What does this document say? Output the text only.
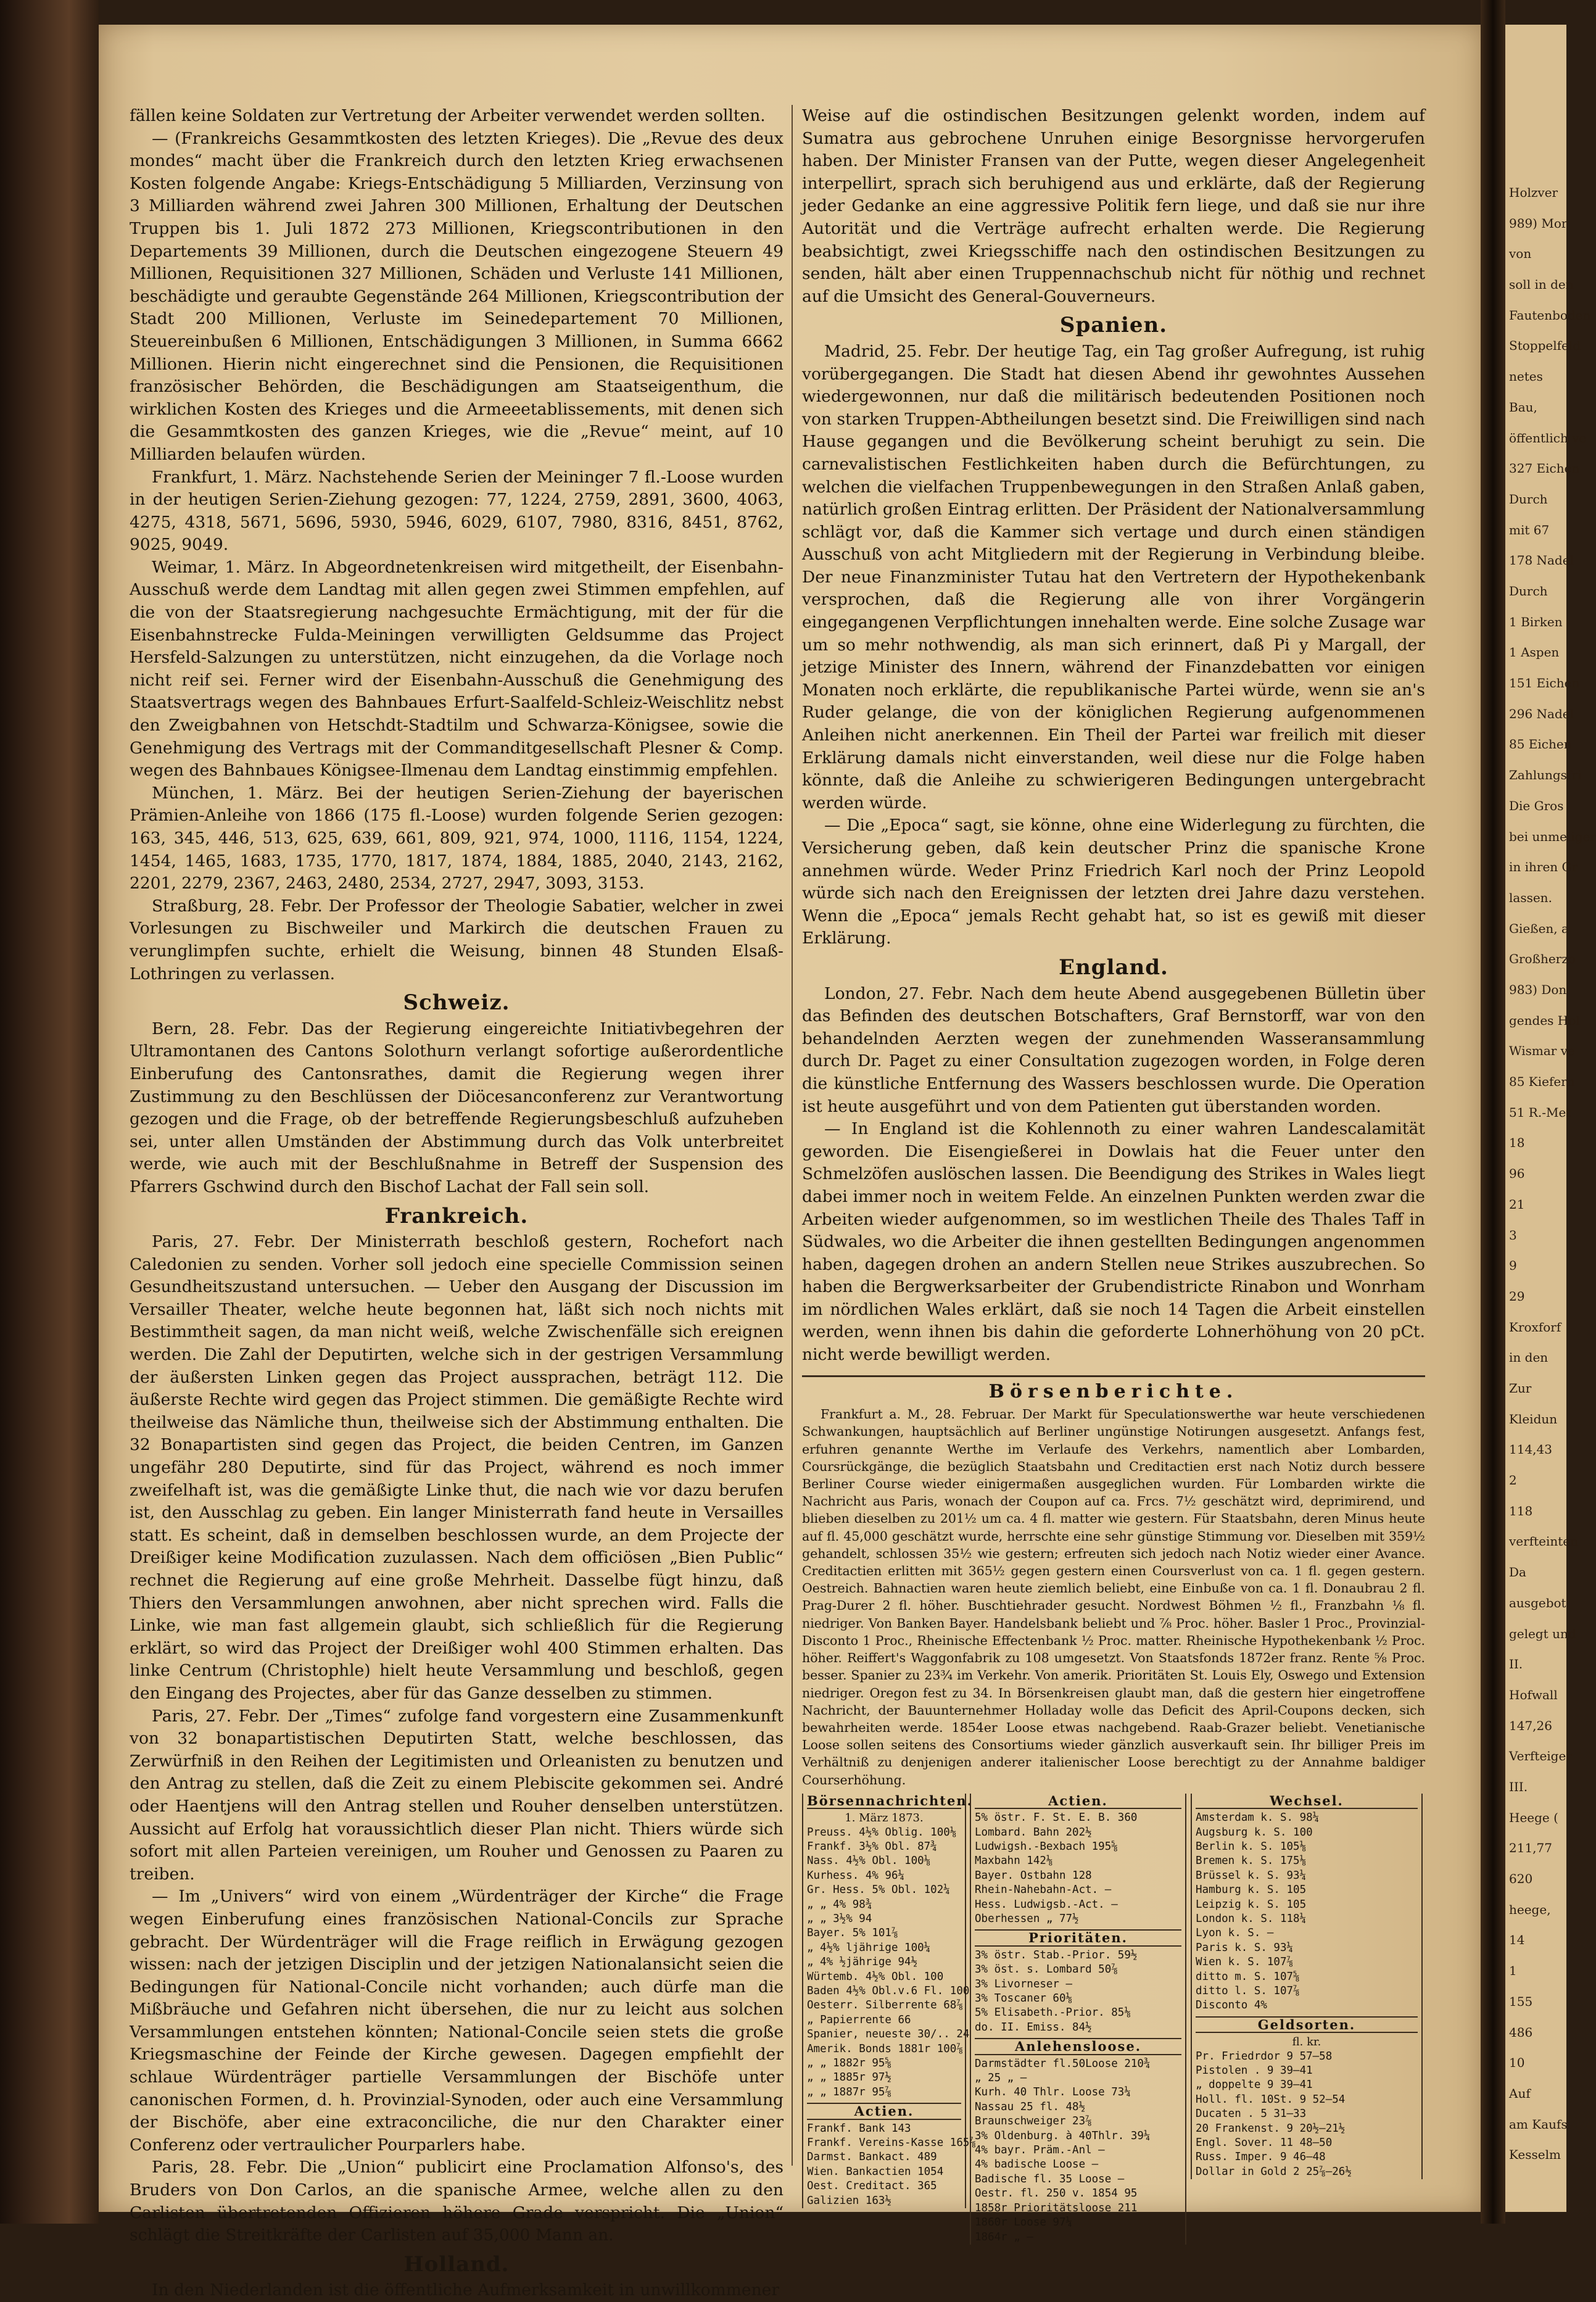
Holzver
989) Mor
von
soll in den
Fautenboden
Stoppelfeld
netes
Bau,
öffentlich ve
327 Eichen
Durch
mit 67
178 Nadel
Durch
1 Birken
1 Aspen
151 Eichen
296 Nadel
85 Eichen
Zahlungsfri
Die Gros
bei unmeliger
in ihren Gr
lassen.
Gießen, a
Großherzo
983) Don
gendes Hol
Wismar ve
85 Kiefern
51 R.-Met
18
96
21
3
9
29
Kroxforf
in den
Zur
Kleidun
114,43
2
118
verfteinten
Da
ausgebot
gelegt und
II.
Hofwall
147,26
Verfteiger
III.
Heege (
211,77
620
heege,
14
1
155
486
10
Auf
am Kaufs
Kesselm

fällen keine Soldaten zur Vertretung der Arbeiter verwendet werden sollten.

— (Frankreichs Gesammtkosten des letzten Krieges). Die „Revue des deux mondes“ macht über die Frankreich durch den letzten Krieg erwachsenen Kosten folgende Angabe: Kriegs-Entschädigung 5 Milliarden, Verzinsung von 3 Milliarden während zwei Jahren 300 Millionen, Erhaltung der Deutschen Truppen bis 1. Juli 1872 273 Millionen, Kriegscontributionen in den Departements 39 Millionen, durch die Deutschen eingezogene Steuern 49 Millionen, Requisitionen 327 Millionen, Schäden und Verluste 141 Millionen, beschädigte und geraubte Gegenstände 264 Millionen, Kriegscontribution der Stadt 200 Millionen, Verluste im Seinedepartement 70 Millionen, Steuereinbußen 6 Millionen, Entschädigungen 3 Millionen, in Summa 6662 Millionen. Hierin nicht eingerechnet sind die Pensionen, die Requisitionen französischer Behörden, die Beschädigungen am Staatseigenthum, die wirklichen Kosten des Krieges und die Armeeetablissements, mit denen sich die Gesammtkosten des ganzen Krieges, wie die „Revue“ meint, auf 10 Milliarden belaufen würden.

Frankfurt, 1. März. Nachstehende Serien der Meininger 7 fl.-Loose wurden in der heutigen Serien-Ziehung gezogen: 77, 1224, 2759, 2891, 3600, 4063, 4275, 4318, 5671, 5696, 5930, 5946, 6029, 6107, 7980, 8316, 8451, 8762, 9025, 9049.

Weimar, 1. März. In Abgeordnetenkreisen wird mitgetheilt, der Eisenbahn-Ausschuß werde dem Landtag mit allen gegen zwei Stimmen empfehlen, auf die von der Staatsregierung nachgesuchte Ermächtigung, mit der für die Eisenbahnstrecke Fulda-Meiningen verwilligten Geldsumme das Project Hersfeld-Salzungen zu unterstützen, nicht einzugehen, da die Vorlage noch nicht reif sei. Ferner wird der Eisenbahn-Ausschuß die Genehmigung des Staatsvertrags wegen des Bahnbaues Erfurt-Saalfeld-Schleiz-Weischlitz nebst den Zweigbahnen von Hetschdt-Stadtilm und Schwarza-Königsee, sowie die Genehmigung des Vertrags mit der Commanditgesellschaft Plesner & Comp. wegen des Bahnbaues Königsee-Ilmenau dem Landtag einstimmig empfehlen.

München, 1. März. Bei der heutigen Serien-Ziehung der bayerischen Prämien-Anleihe von 1866 (175 fl.-Loose) wurden folgende Serien gezogen: 163, 345, 446, 513, 625, 639, 661, 809, 921, 974, 1000, 1116, 1154, 1224, 1454, 1465, 1683, 1735, 1770, 1817, 1874, 1884, 1885, 2040, 2143, 2162, 2201, 2279, 2367, 2463, 2480, 2534, 2727, 2947, 3093, 3153.

Straßburg, 28. Febr. Der Professor der Theologie Sabatier, welcher in zwei Vorlesungen zu Bischweiler und Markirch die deutschen Frauen zu verunglimpfen suchte, erhielt die Weisung, binnen 48 Stunden Elsaß-Lothringen zu verlassen.

Schweiz.

Bern, 28. Febr. Das der Regierung eingereichte Initiativbegehren der Ultramontanen des Cantons Solothurn verlangt sofortige außerordentliche Einberufung des Cantonsrathes, damit die Regierung wegen ihrer Zustimmung zu den Beschlüssen der Diöcesanconferenz zur Verantwortung gezogen und die Frage, ob der betreffende Regierungsbeschluß aufzuheben sei, unter allen Umständen der Abstimmung durch das Volk unterbreitet werde, wie auch mit der Beschlußnahme in Betreff der Suspension des Pfarrers Gschwind durch den Bischof Lachat der Fall sein soll.

Frankreich.

Paris, 27. Febr. Der Ministerrath beschloß gestern, Rochefort nach Caledonien zu senden. Vorher soll jedoch eine specielle Commission seinen Gesundheitszustand untersuchen. — Ueber den Ausgang der Discussion im Versailler Theater, welche heute begonnen hat, läßt sich noch nichts mit Bestimmtheit sagen, da man nicht weiß, welche Zwischenfälle sich ereignen werden. Die Zahl der Deputirten, welche sich in der gestrigen Versammlung der äußersten Linken gegen das Project aussprachen, beträgt 112. Die äußerste Rechte wird gegen das Project stimmen. Die gemäßigte Rechte wird theilweise das Nämliche thun, theilweise sich der Abstimmung enthalten. Die 32 Bonapartisten sind gegen das Project, die beiden Centren, im Ganzen ungefähr 280 Deputirte, sind für das Project, während es noch immer zweifelhaft ist, was die gemäßigte Linke thut, die nach wie vor dazu berufen ist, den Ausschlag zu geben. Ein langer Ministerrath fand heute in Versailles statt. Es scheint, daß in demselben beschlossen wurde, an dem Projecte der Dreißiger keine Modification zuzulassen. Nach dem officiösen „Bien Public“ rechnet die Regierung auf eine große Mehrheit. Dasselbe fügt hinzu, daß Thiers den Versammlungen anwohnen, aber nicht sprechen wird. Falls die Linke, wie man fast allgemein glaubt, sich schließlich für die Regierung erklärt, so wird das Project der Dreißiger wohl 400 Stimmen erhalten. Das linke Centrum (Christophle) hielt heute Versammlung und beschloß, gegen den Eingang des Projectes, aber für das Ganze desselben zu stimmen.

Paris, 27. Febr. Der „Times“ zufolge fand vorgestern eine Zusammenkunft von 32 bonapartistischen Deputirten Statt, welche beschlossen, das Zerwürfniß in den Reihen der Legitimisten und Orleanisten zu benutzen und den Antrag zu stellen, daß die Zeit zu einem Plebiscite gekommen sei. André oder Haentjens will den Antrag stellen und Rouher denselben unterstützen. Aussicht auf Erfolg hat voraussichtlich dieser Plan nicht. Thiers würde sich sofort mit allen Parteien vereinigen, um Rouher und Genossen zu Paaren zu treiben.

— Im „Univers“ wird von einem „Würdenträger der Kirche“ die Frage wegen Einberufung eines französischen National-Concils zur Sprache gebracht. Der Würdenträger will die Frage reiflich in Erwägung gezogen wissen: nach der jetzigen Disciplin und der jetzigen Nationalansicht seien die Bedingungen für National-Concile nicht vorhanden; auch dürfe man die Mißbräuche und Gefahren nicht übersehen, die nur zu leicht aus solchen Versammlungen entstehen könnten; National-Concile seien stets die große Kriegsmaschine der Feinde der Kirche gewesen. Dagegen empfiehlt der schlaue Würdenträger partielle Versammlungen der Bischöfe unter canonischen Formen, d. h. Provinzial-Synoden, oder auch eine Versammlung der Bischöfe, aber eine extraconciliche, die nur den Charakter einer Conferenz oder vertraulicher Pourparlers habe.

Paris, 28. Febr. Die „Union“ publicirt eine Proclamation Alfonso's, des Bruders von Don Carlos, an die spanische Armee, welche allen zu den Carlisten übertretenden Offizieren höhere Grade verspricht. Die „Union“ schlägt die Streitkräfte der Carlisten auf 35,000 Mann an.

Holland.

In den Niederlanden ist die öffentliche Aufmerksamkeit in unwillkommener

Weise auf die ostindischen Besitzungen gelenkt worden, indem auf Sumatra aus gebrochene Unruhen einige Besorgnisse hervorgerufen haben. Der Minister Fransen van der Putte, wegen dieser Angelegenheit interpellirt, sprach sich beruhigend aus und erklärte, daß der Regierung jeder Gedanke an eine aggressive Politik fern liege, und daß sie nur ihre Autorität und die Verträge aufrecht erhalten werde. Die Regierung beabsichtigt, zwei Kriegsschiffe nach den ostindischen Besitzungen zu senden, hält aber einen Truppennachschub nicht für nöthig und rechnet auf die Umsicht des General-Gouverneurs.

Spanien.

Madrid, 25. Febr. Der heutige Tag, ein Tag großer Aufregung, ist ruhig vorübergegangen. Die Stadt hat diesen Abend ihr gewohntes Aussehen wiedergewonnen, nur daß die militärisch bedeutenden Positionen noch von starken Truppen-Abtheilungen besetzt sind. Die Freiwilligen sind nach Hause gegangen und die Bevölkerung scheint beruhigt zu sein. Die carnevalistischen Festlichkeiten haben durch die Befürchtungen, zu welchen die vielfachen Truppenbewegungen in den Straßen Anlaß gaben, natürlich großen Eintrag erlitten. Der Präsident der Nationalversammlung schlägt vor, daß die Kammer sich vertage und durch einen ständigen Ausschuß von acht Mitgliedern mit der Regierung in Verbindung bleibe. Der neue Finanzminister Tutau hat den Vertretern der Hypothekenbank versprochen, daß die Regierung alle von ihrer Vorgängerin eingegangenen Verpflichtungen innehalten werde. Eine solche Zusage war um so mehr nothwendig, als man sich erinnert, daß Pi y Margall, der jetzige Minister des Innern, während der Finanzdebatten vor einigen Monaten noch erklärte, die republikanische Partei würde, wenn sie an's Ruder gelange, die von der königlichen Regierung aufgenommenen Anleihen nicht anerkennen. Ein Theil der Partei war freilich mit dieser Erklärung damals nicht einverstanden, weil diese nur die Folge haben könnte, daß die Anleihe zu schwierigeren Bedingungen untergebracht werden würde.

— Die „Epoca“ sagt, sie könne, ohne eine Widerlegung zu fürchten, die Versicherung geben, daß kein deutscher Prinz die spanische Krone annehmen würde. Weder Prinz Friedrich Karl noch der Prinz Leopold würde sich nach den Ereignissen der letzten drei Jahre dazu verstehen. Wenn die „Epoca“ jemals Recht gehabt hat, so ist es gewiß mit dieser Erklärung.

England.

London, 27. Febr. Nach dem heute Abend ausgegebenen Bülletin über das Befinden des deutschen Botschafters, Graf Bernstorff, war von den behandelnden Aerzten wegen der zunehmenden Wasseransammlung durch Dr. Paget zu einer Consultation zugezogen worden, in Folge deren die künstliche Entfernung des Wassers beschlossen wurde. Die Operation ist heute ausgeführt und von dem Patienten gut überstanden worden.

— In England ist die Kohlennoth zu einer wahren Landescalamität geworden. Die Eisengießerei in Dowlais hat die Feuer unter den Schmelzöfen auslöschen lassen. Die Beendigung des Strikes in Wales liegt dabei immer noch in weitem Felde. An einzelnen Punkten werden zwar die Arbeiten wieder aufgenommen, so im westlichen Theile des Thales Taff in Südwales, wo die Arbeiter die ihnen gestellten Bedingungen angenommen haben, dagegen drohen an andern Stellen neue Strikes auszubrechen. So haben die Bergwerksarbeiter der Grubendistricte Rinabon und Wonrham im nördlichen Wales erklärt, daß sie noch 14 Tagen die Arbeit einstellen werden, wenn ihnen bis dahin die geforderte Lohnerhöhung von 20 pCt. nicht werde bewilligt werden.

Börsenberichte.

Frankfurt a. M., 28. Februar. Der Markt für Speculationswerthe war heute verschiedenen Schwankungen, hauptsächlich auf Berliner ungünstige Notirungen ausgesetzt. Anfangs fest, erfuhren genannte Werthe im Verlaufe des Verkehrs, namentlich aber Lombarden, Coursrückgänge, die bezüglich Staatsbahn und Creditactien erst nach Notiz durch bessere Berliner Course wieder einigermaßen ausgeglichen wurden. Für Lombarden wirkte die Nachricht aus Paris, wonach der Coupon auf ca. Frcs. 7½ geschätzt wird, deprimirend, und blieben dieselben zu 201½ um ca. 4 fl. matter wie gestern. Für Staatsbahn, deren Minus heute auf fl. 45,000 geschätzt wurde, herrschte eine sehr günstige Stimmung vor. Dieselben mit 359½ gehandelt, schlossen 35½ wie gestern; erfreuten sich jedoch nach Notiz wieder einer Avance. Creditactien erlitten mit 365½ gegen gestern einen Coursverlust von ca. 1 fl. gegen gestern. Oestreich. Bahnactien waren heute ziemlich beliebt, eine Einbuße von ca. 1 fl. Donaubrau 2 fl. Prag-Durer 2 fl. höher. Buschtiehrader gesucht. Nordwest Böhmen ½ fl., Franzbahn ⅛ fl. niedriger. Von Banken Bayer. Handelsbank beliebt und ⅞ Proc. höher. Basler 1 Proc., Provinzial-Disconto 1 Proc., Rheinische Effectenbank ½ Proc. matter. Rheinische Hypothekenbank ½ Proc. höher. Reiffert's Waggonfabrik zu 108 umgesetzt. Von Staatsfonds 1872er franz. Rente ⅝ Proc. besser. Spanier zu 23¾ im Verkehr. Von amerik. Prioritäten St. Louis Ely, Oswego und Extension niedriger. Oregon fest zu 34. In Börsenkreisen glaubt man, daß die gestern hier eingetroffene Nachricht, der Bauunternehmer Holladay wolle das Deficit des April-Coupons decken, sich bewahrheiten werde. 1854er Loose etwas nachgebend. Raab-Grazer beliebt. Venetianische Loose sollen seitens des Consortiums wieder gänzlich ausverkauft sein. Ihr billiger Preis im Verhältniß zu denjenigen anderer italienischer Loose berechtigt zu der Annahme baldiger Courserhöhung.

Börsennachrichten.
1. März 1873.
Preuss. 4½% Oblig. 100⅛
Frankf. 3½% Obl. 87¾
Nass. 4½% Obl. 100⅛
Kurhess. 4% 96¼
Gr. Hess. 5% Obl. 102¼
„ „ 4% 98¾
„ „ 3½% 94
Bayer. 5% 101⅞
„ 4½% ljährige 100¼
„ 4% ½jährige 94½
Würtemb. 4½% Obl. 100
Baden 4½% Obl.v.6 Fl. 100
Oesterr. Silberrente 68⅞
„ Papierrente 66
Spanier, neueste 30/.. 24
Amerik. Bonds 1881r 100⅞
„ „ 1882r 95⅝
„ „ 1885r 97½
„ „ 1887r 95⅞
Actien.
Frankf. Bank 143
Frankf. Vereins-Kasse 165⅞
Darmst. Bankact. 489
Wien. Bankactien 1054
Oest. Creditact. 365
Galizien 163½
Actien.
5% östr. F. St. E. B. 360
Lombard. Bahn 202½
Ludwigsh.-Bexbach 195⅝
Maxbahn 142⅛
Bayer. Ostbahn 128
Rhein-Nahebahn-Act. —
Hess. Ludwigsb.-Act. —
Oberhessen „ 77½
Prioritäten.
3% östr. Stab.-Prior. 59½
3% öst. s. Lombard 50⅞
3% Livorneser —
3% Toscaner 60⅛
5% Elisabeth.-Prior. 85⅛
do. II. Emiss. 84½
Anlehensloose.
Darmstädter fl.50Loose 210¾
„ 25 „ —
Kurh. 40 Thlr. Loose 73¼
Nassau 25 fl. 48½
Braunschweiger 23⅞
3% Oldenburg. à 40Thlr. 39¼
4% bayr. Präm.-Anl —
4% badische Loose —
Badische fl. 35 Loose —
Oestr. fl. 250 v. 1854 95
1858r Prioritätsloose 211
1860r Loose 97¼
1864r „ —
Wechsel.
Amsterdam k. S. 98¼
Augsburg k. S. 100
Berlin k. S. 105⅛
Bremen k. S. 175⅛
Brüssel k. S. 93¼
Hamburg k. S. 105
Leipzig k. S. 105
London k. S. 118¼
Lyon k. S. —
Paris k. S. 93¼
Wien k. S. 107⅞
ditto m. S. 107⅝
ditto l. S. 107⅞
Disconto 4%
Geldsorten.
fl. kr.
Pr. Friedrdor 9 57—58
Pistolen . 9 39—41
„ doppelte 9 39—41
Holl. fl. 10St. 9 52—54
Ducaten . 5 31—33
20 Frankenst. 9 20½—21½
Engl. Sover. 11 48—50
Russ. Imper. 9 46—48
Dollar in Gold 2 25⅞—26½
